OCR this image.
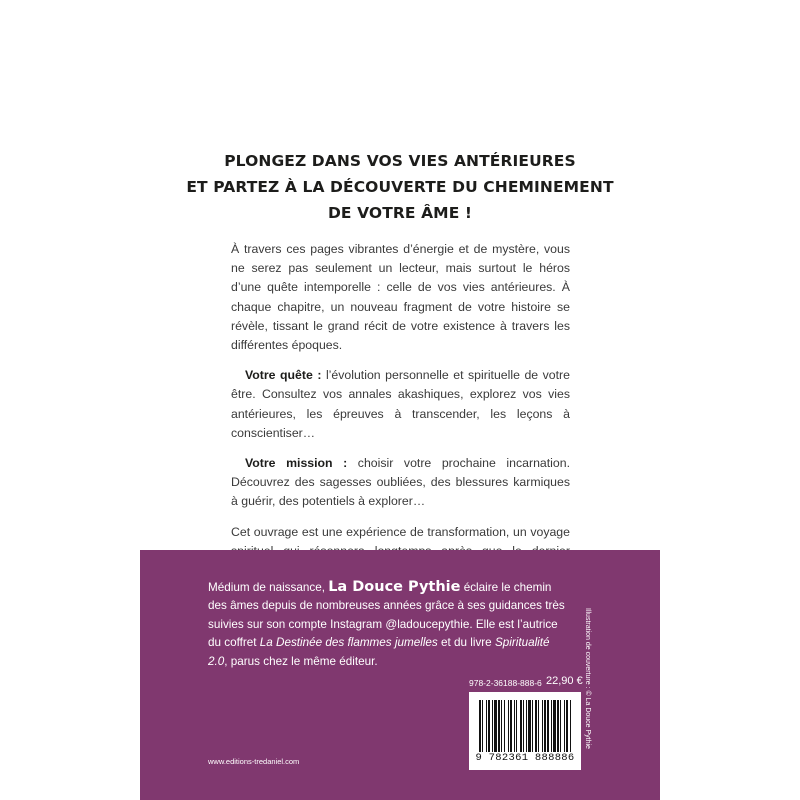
PLONGEZ DANS VOS VIES ANTÉRIEURES
ET PARTEZ À LA DÉCOUVERTE DU CHEMINEMENT
DE VOTRE ÂME !

À travers ces pages vibrantes d’énergie et de mystère, vous ne serez pas seulement un lecteur, mais surtout le héros d’une quête intemporelle : celle de vos vies antérieures. À chaque chapitre, un nouveau fragment de votre histoire se révèle, tissant le grand récit de votre existence à travers les différentes époques.

Votre quête : l’évolution personnelle et spirituelle de votre être. Consultez vos annales akashiques, explorez vos vies antérieures, les épreuves à transcender, les leçons à conscientiser…

Votre mission : choisir votre prochaine incarnation. Découvrez des sagesses oubliées, des blessures karmiques à guérir, des potentiels à explorer…

Cet ouvrage est une expérience de transformation, un voyage

Médium de naissance, La Douce Pythie éclaire le chemin des âmes depuis de nombreuses années grâce à ses guidances très suivies sur son compte Instagram @ladoucepythie. Elle est l’autrice du coffret La Destinée des flammes jumelles et du livre Spiritualité 2.0, parus chez le même éditeur.	Illustration de couverture : © La Douce Pythie
978-2-36188-888-6 22,90 €
9 782361 888886
www.editions-tredaniel.com
